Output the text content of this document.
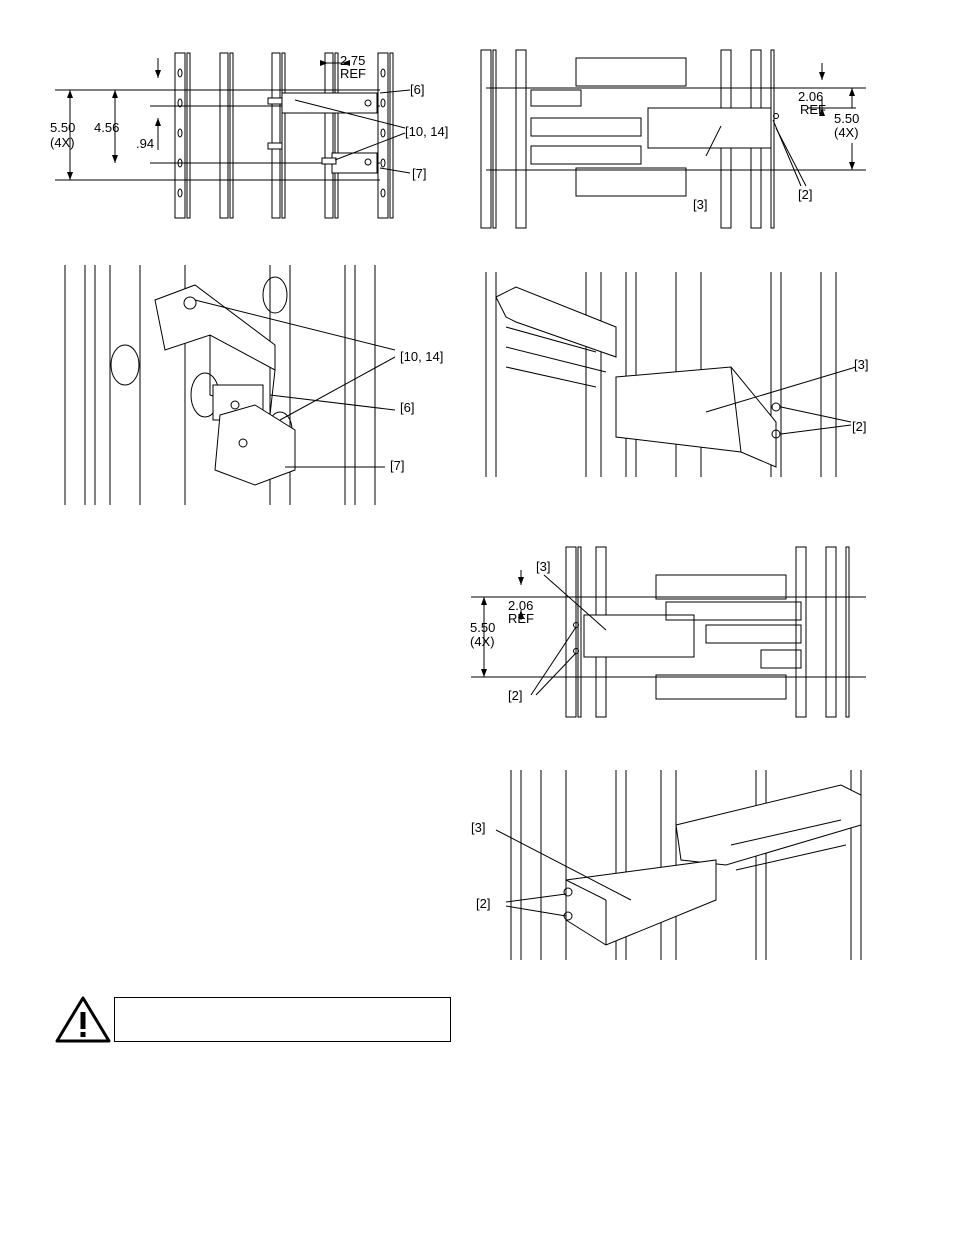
5.50
(4X)
4.56
.94
2.75
REF
[6]
[10, 14]
[7]
2.06
REF
5.50
(4X)
[3]
[2]
[10, 14]
[6]
[7]
[3]
[2]
[3]
2.06
REF
5.50
(4X)
[2]
[3]
[2]
